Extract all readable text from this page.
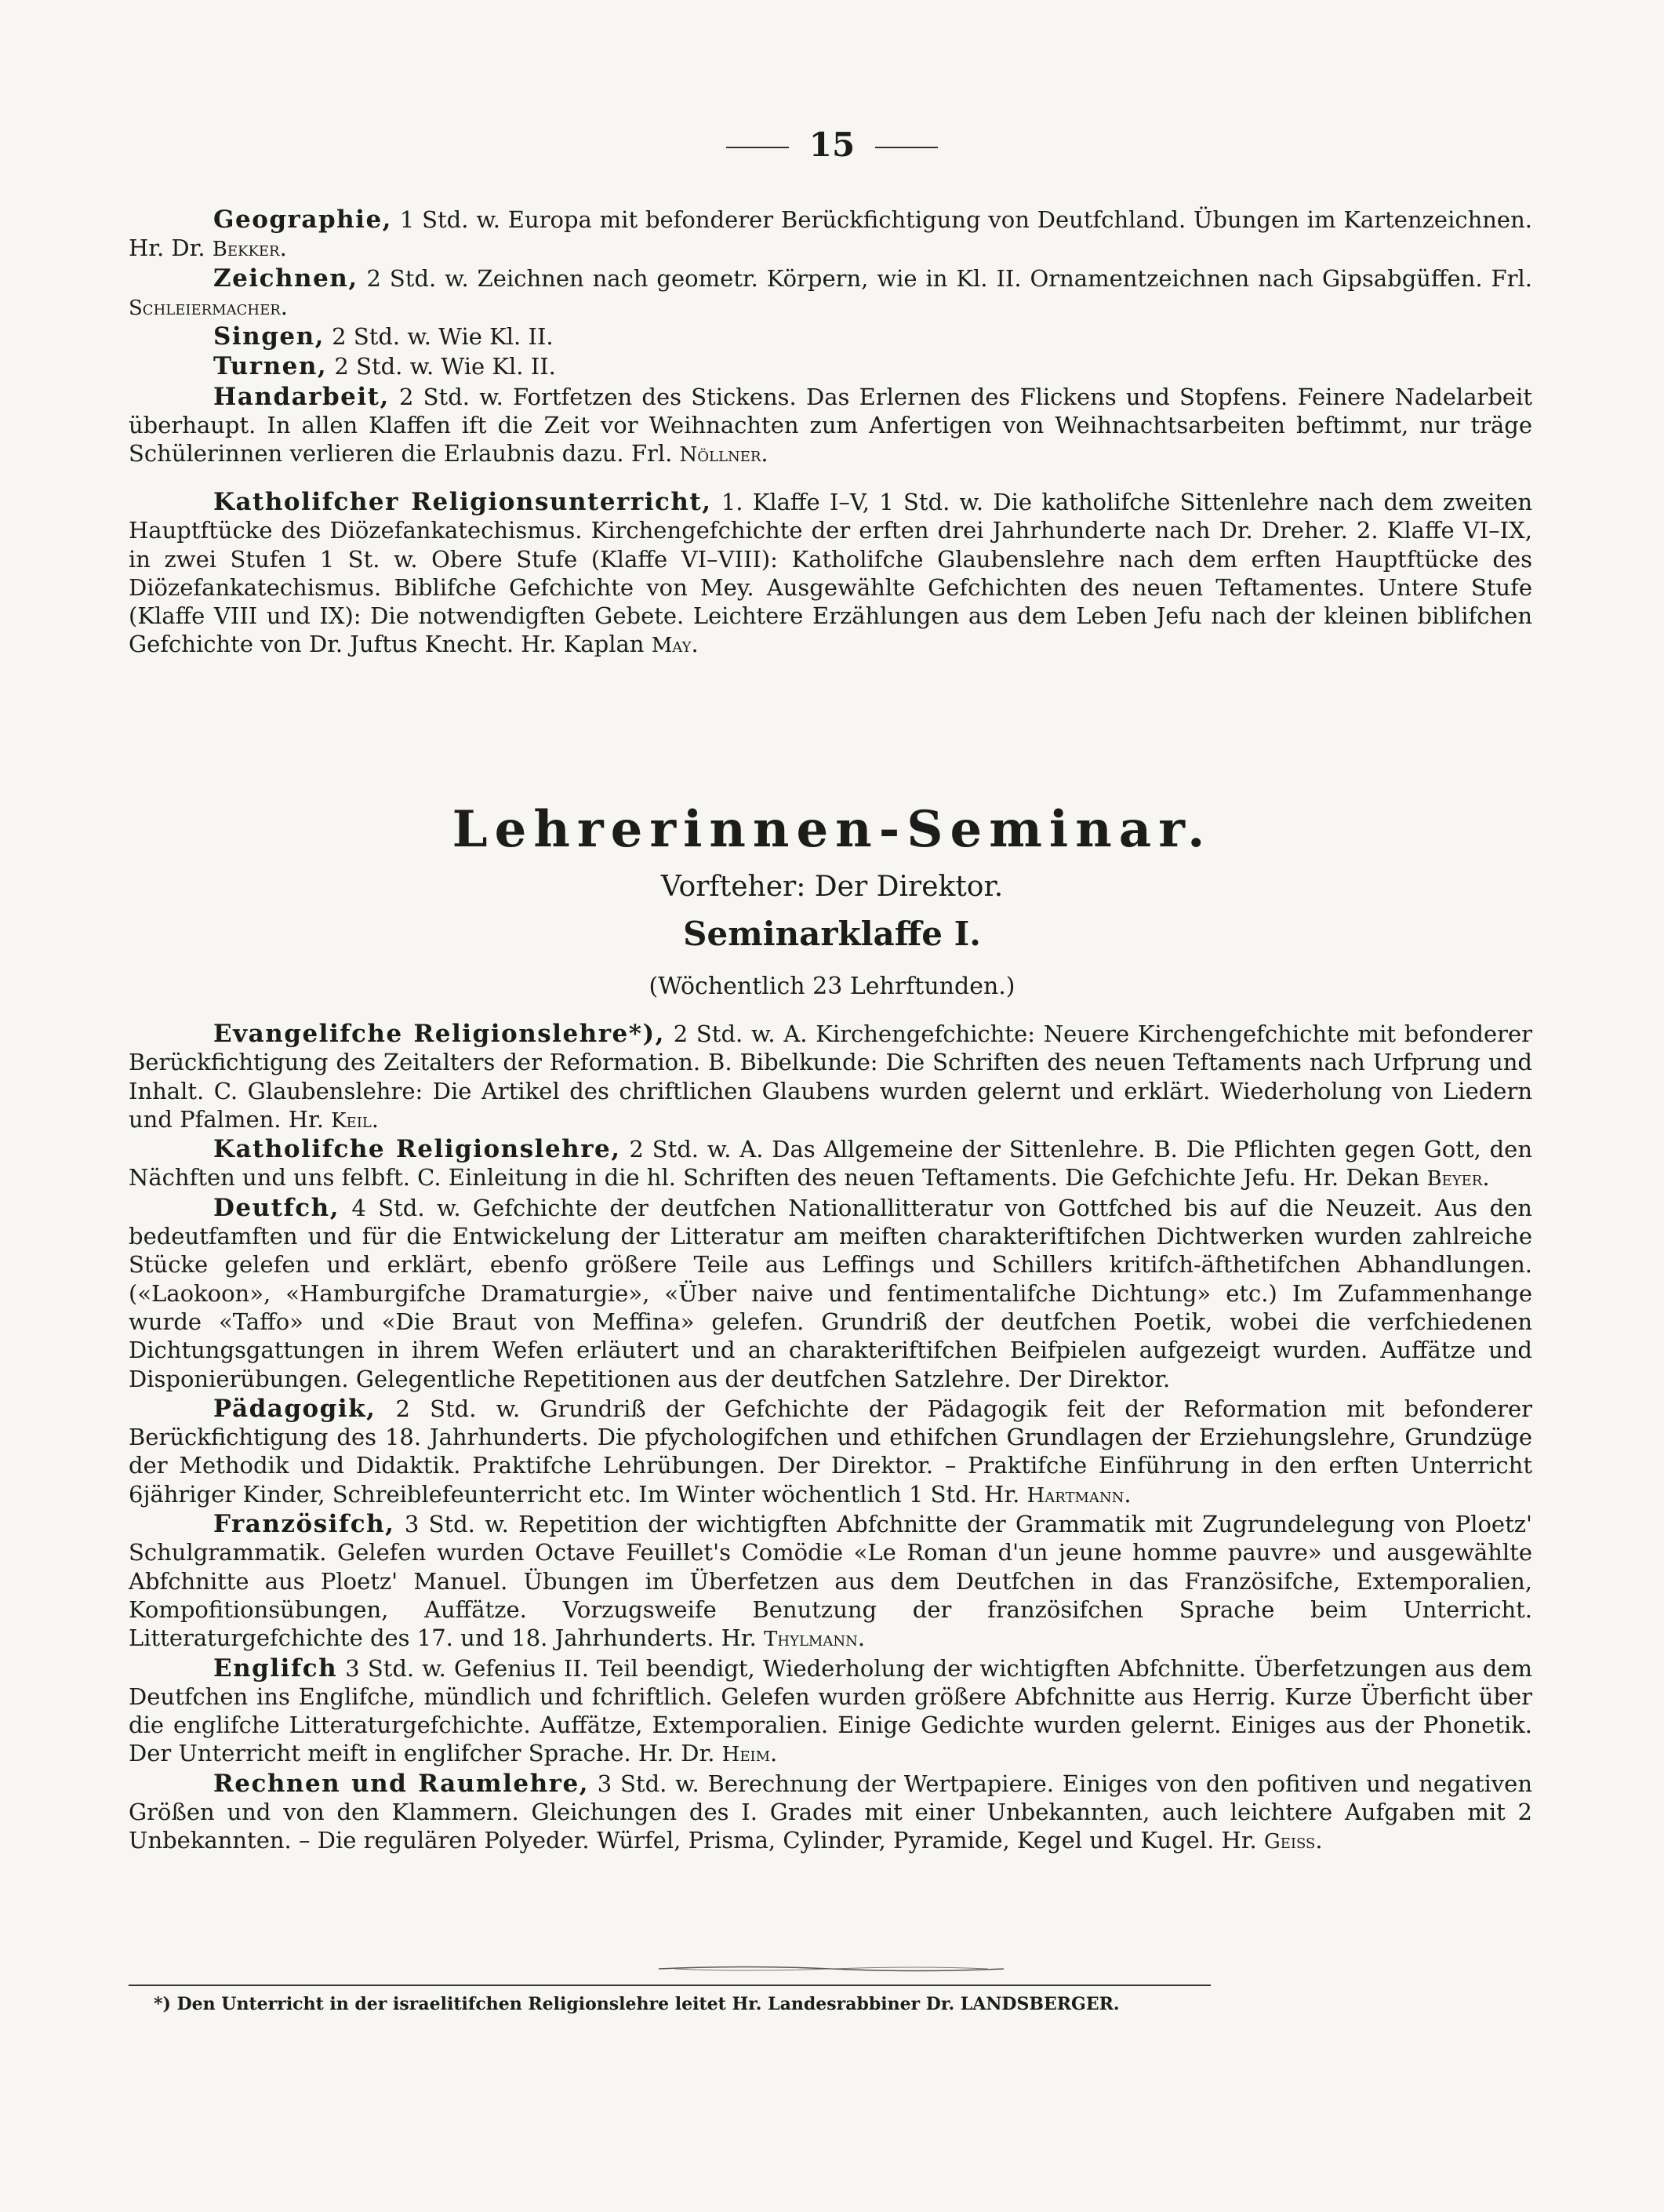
15

Geographie, 1 Std. w. Europa mit befonderer Berückfichtigung von Deutfchland. Übungen im Kartenzeichnen. Hr. Dr. Bekker.

Zeichnen, 2 Std. w. Zeichnen nach geometr. Körpern, wie in Kl. II. Ornamentzeichnen nach Gipsabgüffen. Frl. Schleiermacher.

Singen, 2 Std. w. Wie Kl. II.

Turnen, 2 Std. w. Wie Kl. II.

Handarbeit, 2 Std. w. Fortfetzen des Stickens. Das Erlernen des Flickens und Stopfens. Feinere Nadelarbeit überhaupt. In allen Klaffen ift die Zeit vor Weihnachten zum Anfertigen von Weihnachtsarbeiten beftimmt, nur träge Schülerinnen verlieren die Erlaubnis dazu. Frl. Nöllner.

Katholifcher Religionsunterricht, 1. Klaffe I–V, 1 Std. w. Die katholifche Sittenlehre nach dem zweiten Hauptftücke des Diözefankatechismus. Kirchengefchichte der erften drei Jahrhunderte nach Dr. Dreher. 2. Klaffe VI–IX, in zwei Stufen 1 St. w. Obere Stufe (Klaffe VI–VIII): Katholifche Glaubenslehre nach dem erften Hauptftücke des Diözefankatechismus. Biblifche Gefchichte von Mey. Ausgewählte Gefchichten des neuen Teftamentes. Untere Stufe (Klaffe VIII und IX): Die notwendigften Gebete. Leichtere Erzählungen aus dem Leben Jefu nach der kleinen biblifchen Gefchichte von Dr. Juftus Knecht. Hr. Kaplan May.

Lehrerinnen-Seminar.
Vorfteher: Der Direktor.
Seminarklaffe I.
(Wöchentlich 23 Lehrftunden.)

Evangelifche Religionslehre*), 2 Std. w. A. Kirchengefchichte: Neuere Kirchengefchichte mit befonderer Berückfichtigung des Zeitalters der Reformation. B. Bibelkunde: Die Schriften des neuen Teftaments nach Urfprung und Inhalt. C. Glaubenslehre: Die Artikel des chriftlichen Glaubens wurden gelernt und erklärt. Wiederholung von Liedern und Pfalmen. Hr. Keil.

Katholifche Religionslehre, 2 Std. w. A. Das Allgemeine der Sittenlehre. B. Die Pflichten gegen Gott, den Nächften und uns felbft. C. Einleitung in die hl. Schriften des neuen Teftaments. Die Gefchichte Jefu. Hr. Dekan Beyer.

Deutfch, 4 Std. w. Gefchichte der deutfchen Nationallitteratur von Gottfched bis auf die Neuzeit. Aus den bedeutfamften und für die Entwickelung der Litteratur am meiften charakteriftifchen Dichtwerken wurden zahlreiche Stücke gelefen und erklärt, ebenfo größere Teile aus Leffings und Schillers kritifch-äfthetifchen Abhandlungen. («Laokoon», «Hamburgifche Dramaturgie», «Über naive und fentimentalifche Dichtung» etc.) Im Zufammenhange wurde «Taffo» und «Die Braut von Meffina» gelefen. Grundriß der deutfchen Poetik, wobei die verfchiedenen Dichtungsgattungen in ihrem Wefen erläutert und an charakteriftifchen Beifpielen aufgezeigt wurden. Auffätze und Disponierübungen. Gelegentliche Repetitionen aus der deutfchen Satzlehre. Der Direktor.

Pädagogik, 2 Std. w. Grundriß der Gefchichte der Pädagogik feit der Reformation mit befonderer Berückfichtigung des 18. Jahrhunderts. Die pfychologifchen und ethifchen Grundlagen der Erziehungslehre, Grundzüge der Methodik und Didaktik. Praktifche Lehrübungen. Der Direktor. – Praktifche Einführung in den erften Unterricht 6jähriger Kinder, Schreiblefeunterricht etc. Im Winter wöchentlich 1 Std. Hr. Hartmann.

Französifch, 3 Std. w. Repetition der wichtigften Abfchnitte der Grammatik mit Zugrundelegung von Ploetz' Schulgrammatik. Gelefen wurden Octave Feuillet's Comödie «Le Roman d'un jeune homme pauvre» und ausgewählte Abfchnitte aus Ploetz' Manuel. Übungen im Überfetzen aus dem Deutfchen in das Französifche, Extemporalien, Kompofitionsübungen, Auffätze. Vorzugsweife Benutzung der französifchen Sprache beim Unterricht. Litteraturgefchichte des 17. und 18. Jahrhunderts. Hr. Thylmann.

Englifch 3 Std. w. Gefenius II. Teil beendigt, Wiederholung der wichtigften Abfchnitte. Überfetzungen aus dem Deutfchen ins Englifche, mündlich und fchriftlich. Gelefen wurden größere Abfchnitte aus Herrig. Kurze Überficht über die englifche Litteraturgefchichte. Auffätze, Extemporalien. Einige Gedichte wurden gelernt. Einiges aus der Phonetik. Der Unterricht meift in englifcher Sprache. Hr. Dr. Heim.

Rechnen und Raumlehre, 3 Std. w. Berechnung der Wertpapiere. Einiges von den pofitiven und negativen Größen und von den Klammern. Gleichungen des I. Grades mit einer Unbekannten, auch leichtere Aufgaben mit 2 Unbekannten. – Die regulären Polyeder. Würfel, Prisma, Cylinder, Pyramide, Kegel und Kugel. Hr. Geiss.

*) Den Unterricht in der israelitifchen Religionslehre leitet Hr. Landesrabbiner Dr. LANDSBERGER.
